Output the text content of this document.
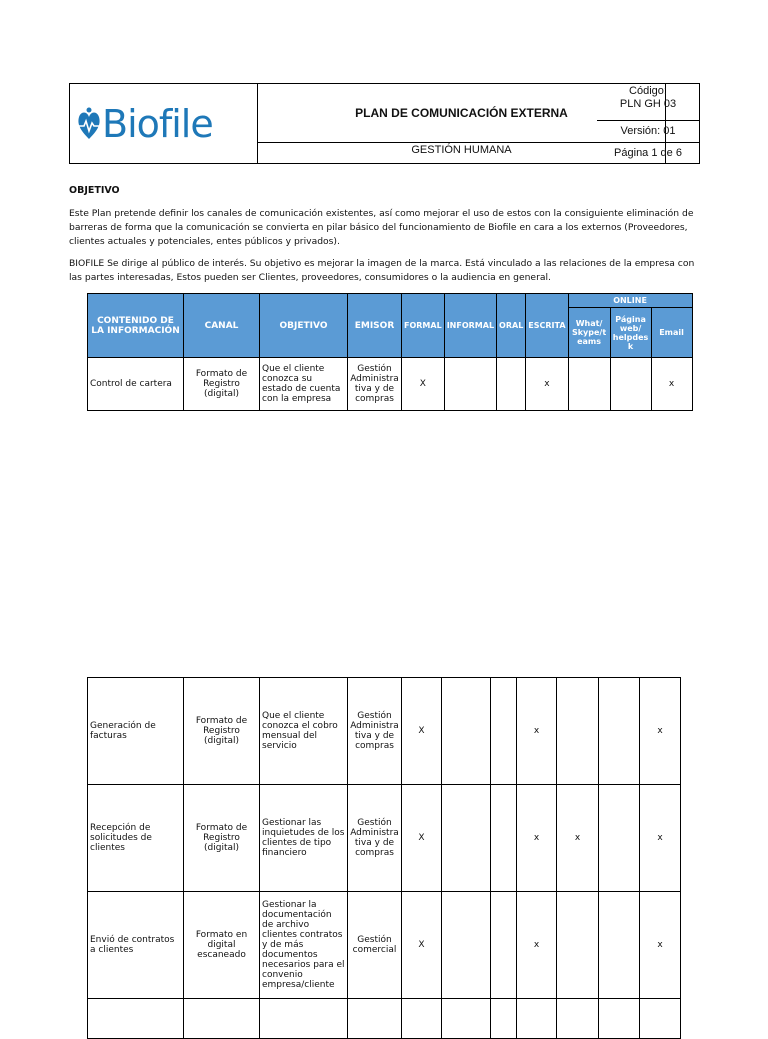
Biofile	PLAN DE COMUNICACIÓN EXTERNA
GESTIÓN HUMANA
Código:
PLN GH 03
Versión: 01
Página 1 de 6
OBJETIVO

Este Plan pretende definir los canales de comunicación existentes, así como mejorar el uso de estos con la consiguiente eliminación de barreras de forma que la comunicación se convierta en pilar básico del funcionamiento de Biofile en cara a los externos (Proveedores, clientes actuales y potenciales, entes públicos y privados).

BIOFILE Se dirige al público de interés. Su objetivo es mejorar la imagen de la marca. Está vinculado a las relaciones de la empresa con las partes interesadas, Estos pueden ser Clientes, proveedores, consumidores o la audiencia en general.

CONTENIDO DE LA INFORMACIÓN	CANAL	OBJETIVO	EMISOR	FORMAL	INFORMAL	ORAL	ESCRITA	ONLINE		
								What/ Skype/t eams	Página web/ helpdes k	Email
Control de cartera	Formato de Registro (digital)	Que el cliente conozca su estado de cuenta con la empresa	Gestión Administra tiva y de compras	X			x			x
Generación de facturas	Formato de Registro (digital)	Que el cliente conozca el cobro mensual del servicio	Gestión Administra tiva y de compras	X			x			x
Recepción de solicitudes de clientes	Formato de Registro (digital)	Gestionar las inquietudes de los clientes de tipo financiero	Gestión Administra tiva y de compras	X			x	x		x
Envió de contratos a clientes	Formato en digital escaneado	Gestionar la documentación de archivo clientes contratos y de más documentos necesarios para el convenio empresa/cliente	Gestión comercial	X			x			x
